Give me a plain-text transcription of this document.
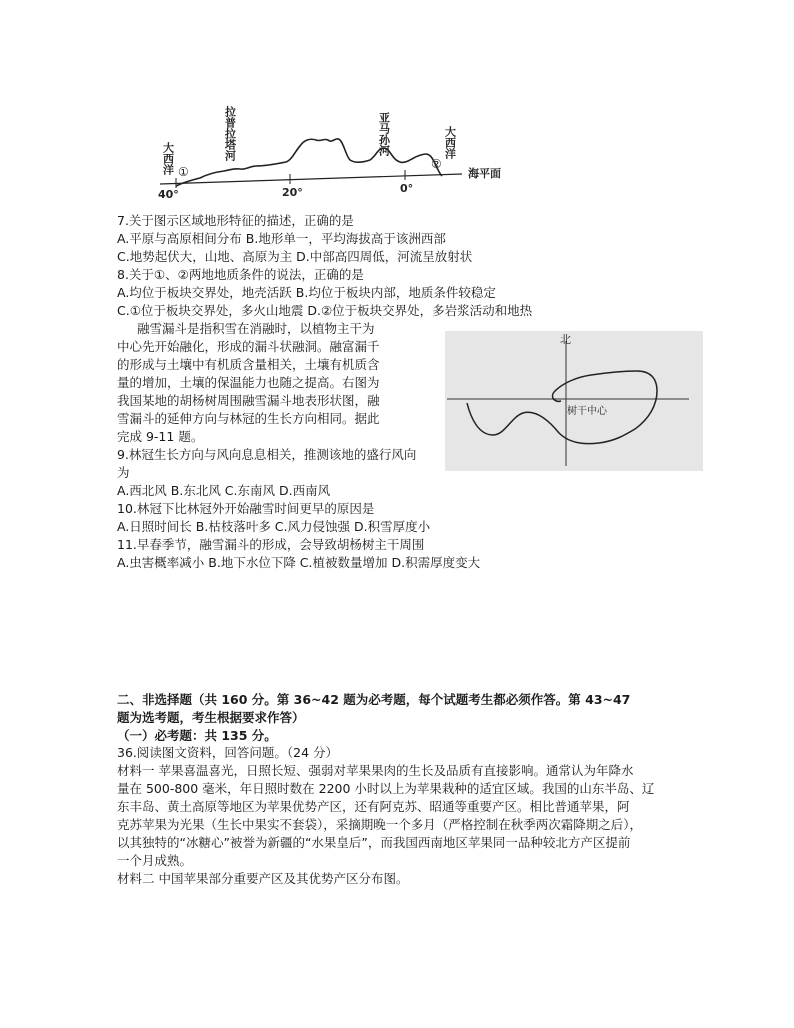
大西洋 ①
40°
拉普拉塔河
20°
亚马孙河
0°
大西洋
②
海平面
7.关于图示区域地形特征的描述，正确的是
A.平原与高原相间分布 B.地形单一，平均海拔高于该洲西部
C.地势起伏大，山地、高原为主 D.中部高四周低，河流呈放射状
8.关于①、②两地地质条件的说法，正确的是
A.均位于板块交界处，地壳活跃 B.均位于板块内部，地质条件较稳定
C.①位于板块交界处，多火山地震 D.②位于板块交界处，多岩浆活动和地热
融雪漏斗是指积雪在消融时，以植物主干为
中心先开始融化，形成的漏斗状融洞。融富漏千
的形成与土壤中有机质含量相关，土壤有机质含
量的增加，土壤的保温能力也随之提高。右图为
我国某地的胡杨树周围融雪漏斗地表形状图，融
雪漏斗的延伸方向与林冠的生长方向相同。据此
完成 9-11 题。
9.林冠生长方向与风向息息相关，推测该地的盛行风向
为
北
树干中心
A.西北风 B.东北风 C.东南风 D.西南风
10.林冠下比林冠外开始融雪时间更早的原因是
A.日照时间长 B.枯枝落叶多 C.风力侵蚀强 D.积雪厚度小
11.早春季节，融雪漏斗的形成，会导致胡杨树主干周围
A.虫害概率减小 B.地下水位下降 C.植被数量增加 D.积需厚度变大
二、非选择题（共 160 分。第 36~42 题为必考题，每个试题考生都必须作答。第 43~47
题为选考题，考生根据要求作答）
（一）必考题：共 135 分。
36.阅读图文资料，回答问题。（24 分）
材料一 苹果喜温喜光，日照长短、强弱对苹果果肉的生长及品质有直接影响。通常认为年降水
量在 500-800 毫米，年日照时数在 2200 小时以上为苹果栽种的适宜区域。我国的山东半岛、辽
东丰岛、黄土高原等地区为苹果优势产区，还有阿克苏、昭通等重要产区。相比普通苹果，阿
克苏苹果为光果（生长中果实不套袋），采摘期晚一个多月（严格控制在秋季两次霜降期之后），
以其独特的“冰糖心”被誉为新疆的“水果皇后”，而我国西南地区苹果同一品种较北方产区提前
一个月成熟。
材料二 中国苹果部分重要产区及其优势产区分布图。
